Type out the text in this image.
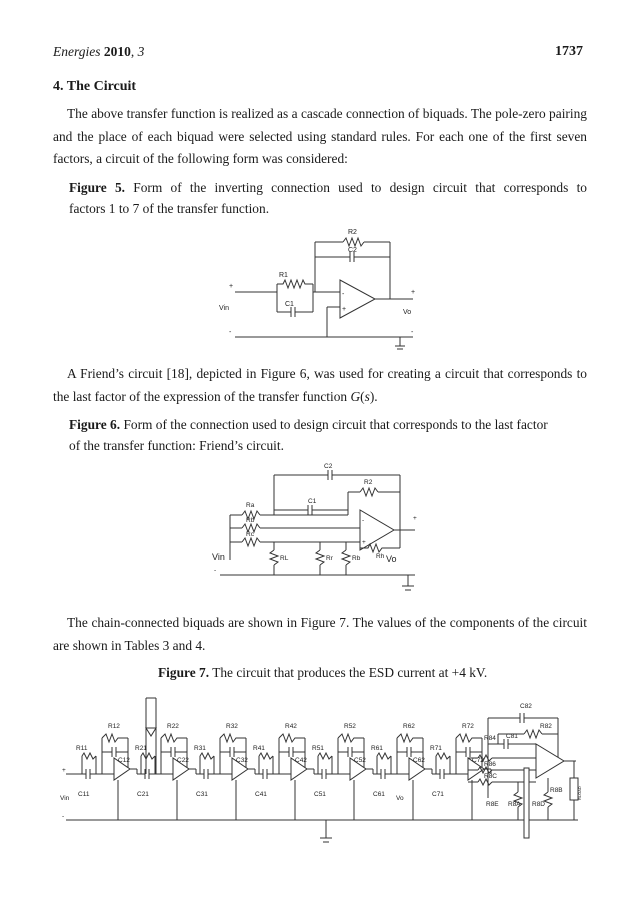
Energies 2010, 3	1737
4. The Circuit
The above transfer function is realized as a cascade connection of biquads. The pole-zero pairing and the place of each biquad were selected using standard rules. For each one of the first seven factors, a circuit of the following form was considered:
Figure 5. Form of the inverting connection used to design circuit that corresponds to
factors 1 to 7 of the transfer function.
R1
C1
R2
C2
Vin
Vo
+
+
-
+
-	-
A Friend’s circuit [18], depicted in Figure 6, was used for creating a circuit that corresponds to the last factor of the expression of the transfer function G(s).
Figure 6. Form of the connection used to design circuit that corresponds to the last factor
of the transfer function: Friend’s circuit.
C2
C1
R2
Ra
Rb
Rc
RL	Rr	Rb Rh
Vin	Vo
+
-
+
-
The chain-connected biquads are shown in Figure 7. The values of the components of the circuit are shown in Tables 3 and 4.
Figure 7. The circuit that produces the ESD current at +4 kV.
R12
R11
C12
C11
R22
R21
C22
C21
R32
R31
C32
C31
R42
R41
C42
C41
R52
R51
C52
C51
R62
R61
C62
C61
R72
R71
C72
C71
C82
R82
R84 C81
R86
R8C
R8B
R8E R8A R8D
RLOAD
Vin	Vo
+
-
